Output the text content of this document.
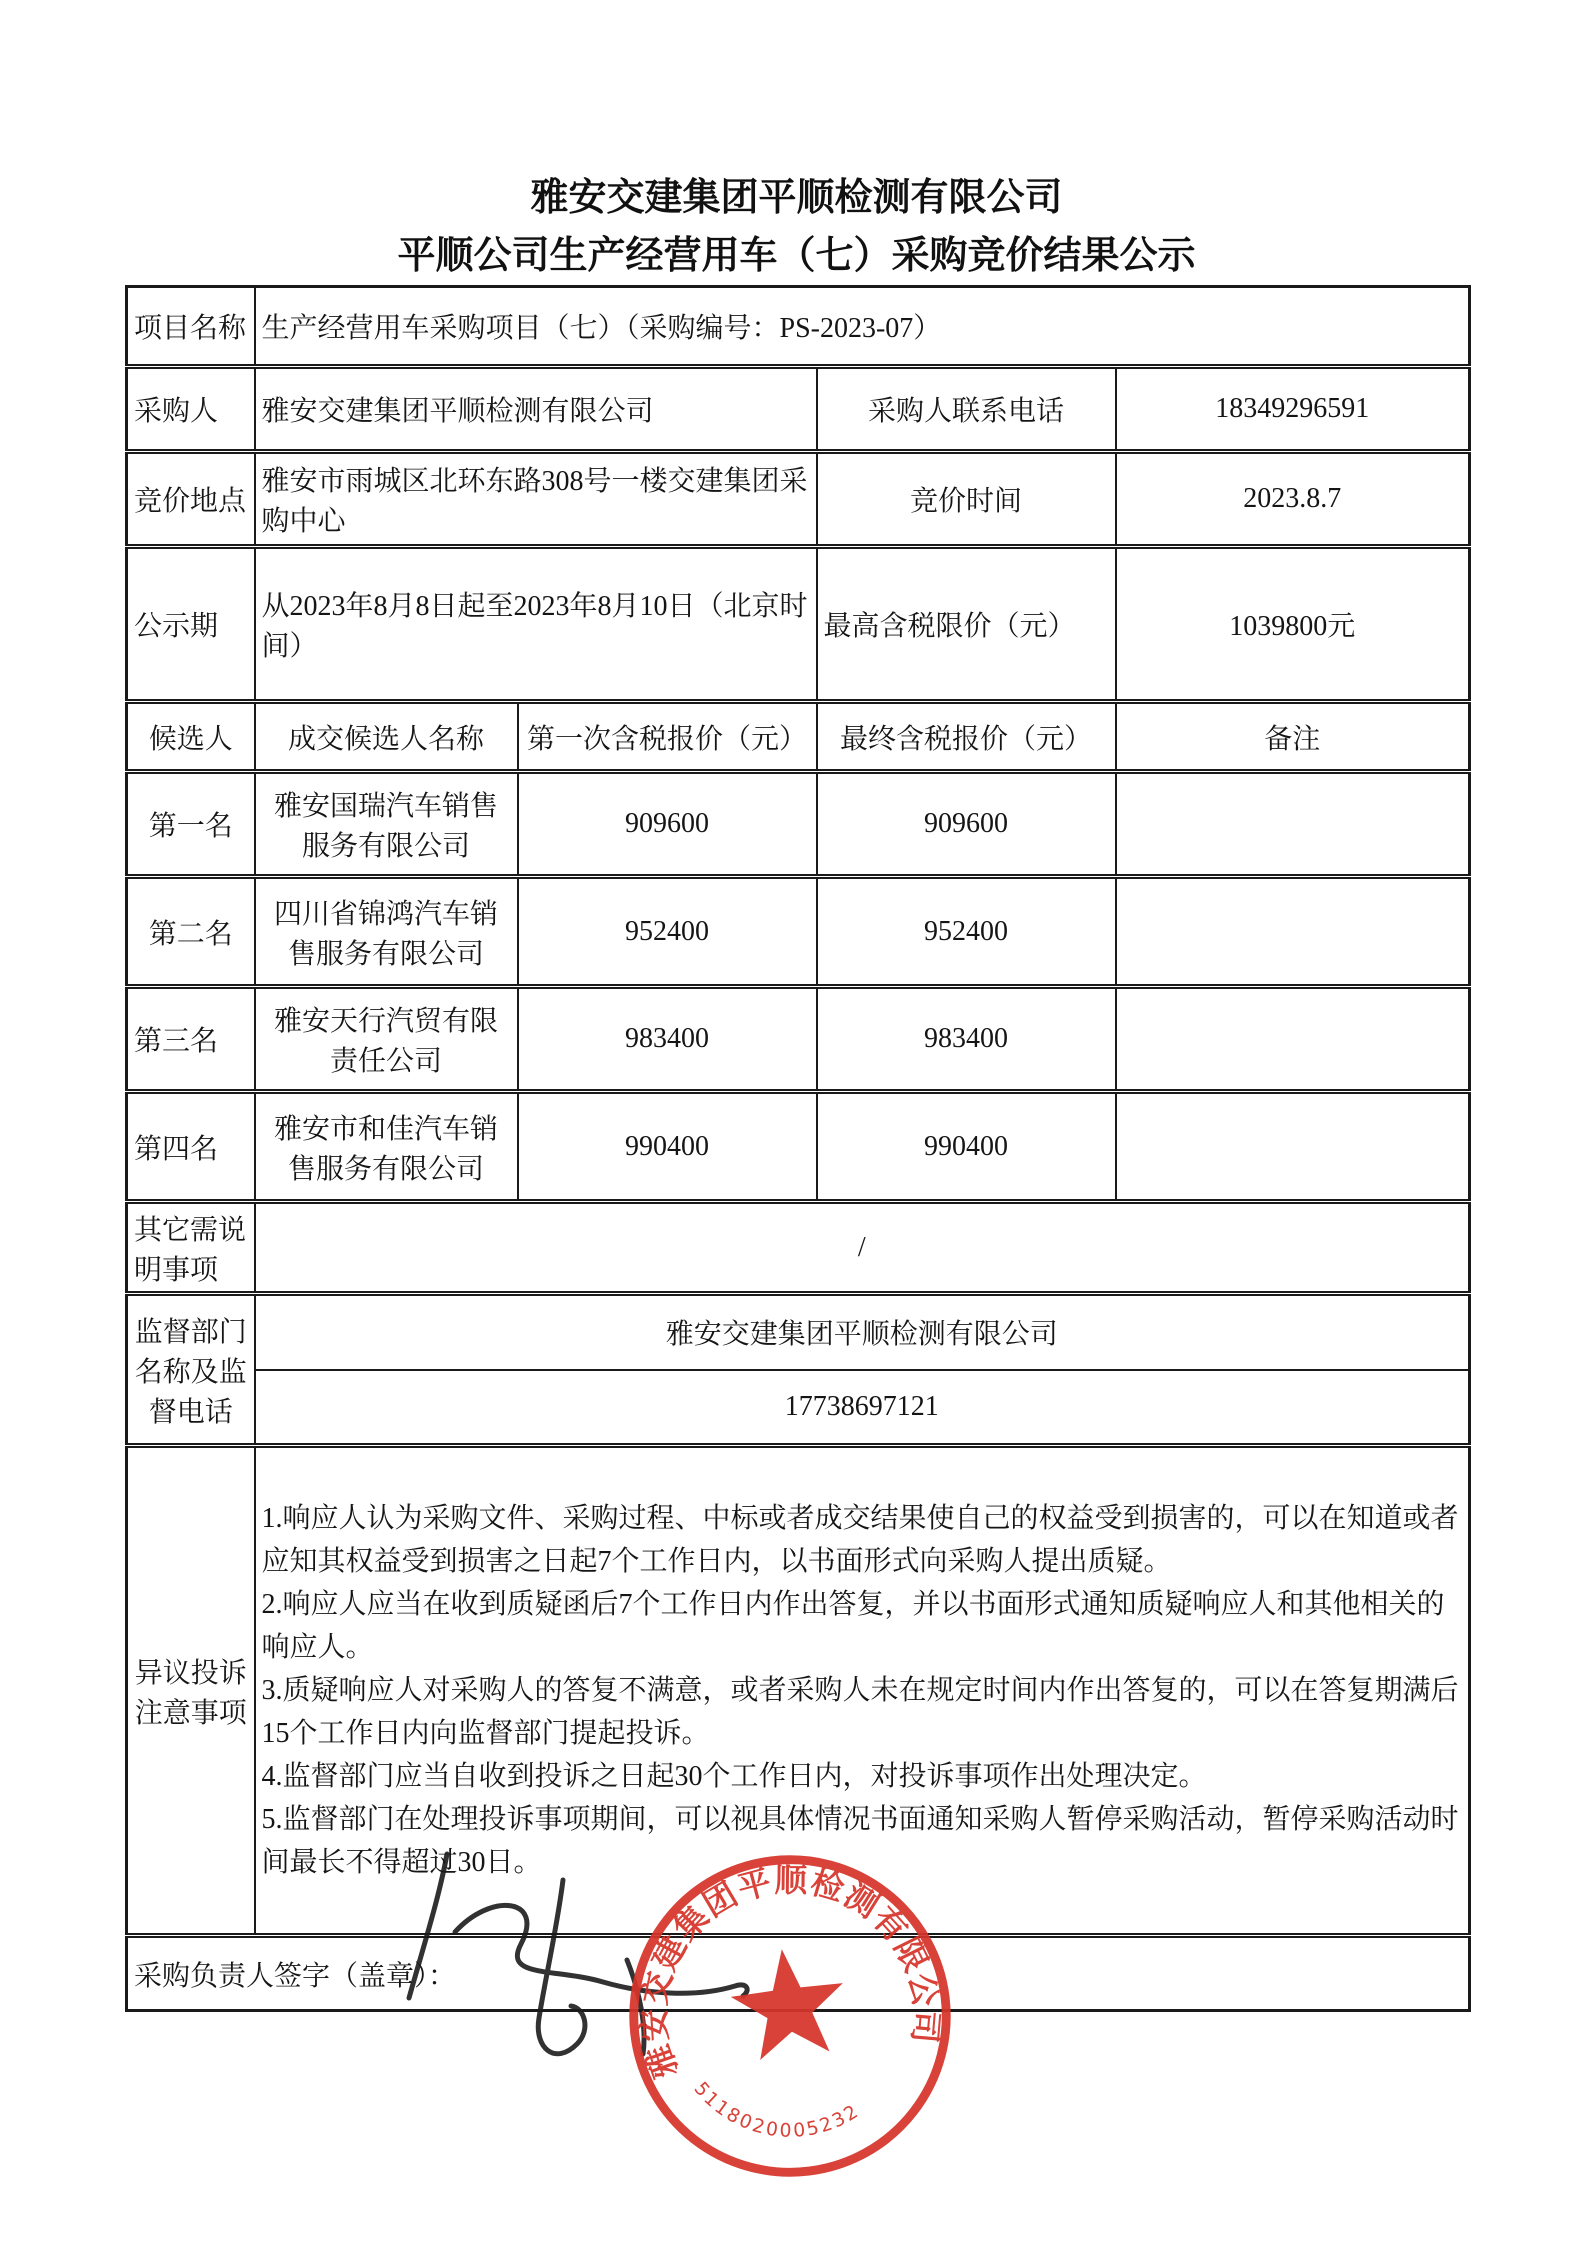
雅安交建集团平顺检测有限公司
平顺公司生产经营用车（七）采购竞价结果公示
项目名称	生产经营用车采购项目（七）（采购编号：PS-2023-07）			
采购人	雅安交建集团平顺检测有限公司		采购人联系电话	18349296591
竞价地点	雅安市雨城区北环东路308号一楼交建集团采购中心		竞价时间	2023.8.7
公示期	从2023年8月8日起至2023年8月10日（北京时间）		最高含税限价（元）	1039800元
候选人	成交候选人名称	第一次含税报价（元）	最终含税报价（元）	备注
第一名	雅安国瑞汽车销售服务有限公司	909600	909600	
第二名	四川省锦鸿汽车销售服务有限公司	952400	952400	
第三名	雅安天行汽贸有限责任公司	983400	983400	
第四名	雅安市和佳汽车销售服务有限公司	990400	990400	
其它需说明事项	/			
监督部门名称及监督电话	雅安交建集团平顺检测有限公司			
	17738697121			
异议投诉注意事项	1.响应人认为采购文件、采购过程、中标或者成交结果使自己的权益受到损害的，可以在知道或者应知其权益受到损害之日起7个工作日内，以书面形式向采购人提出质疑。
2.响应人应当在收到质疑函后7个工作日内作出答复，并以书面形式通知质疑响应人和其他相关的响应人。
3.质疑响应人对采购人的答复不满意，或者采购人未在规定时间内作出答复的，可以在答复期满后15个工作日内向监督部门提起投诉。
4.监督部门应当自收到投诉之日起30个工作日内，对投诉事项作出处理决定。
5.监督部门在处理投诉事项期间，可以视具体情况书面通知采购人暂停采购活动，暂停采购活动时间最长不得超过30日。			

采购负责人签字（盖章）：				
雅安交建集团平顺检测有限公司
5118020005232
